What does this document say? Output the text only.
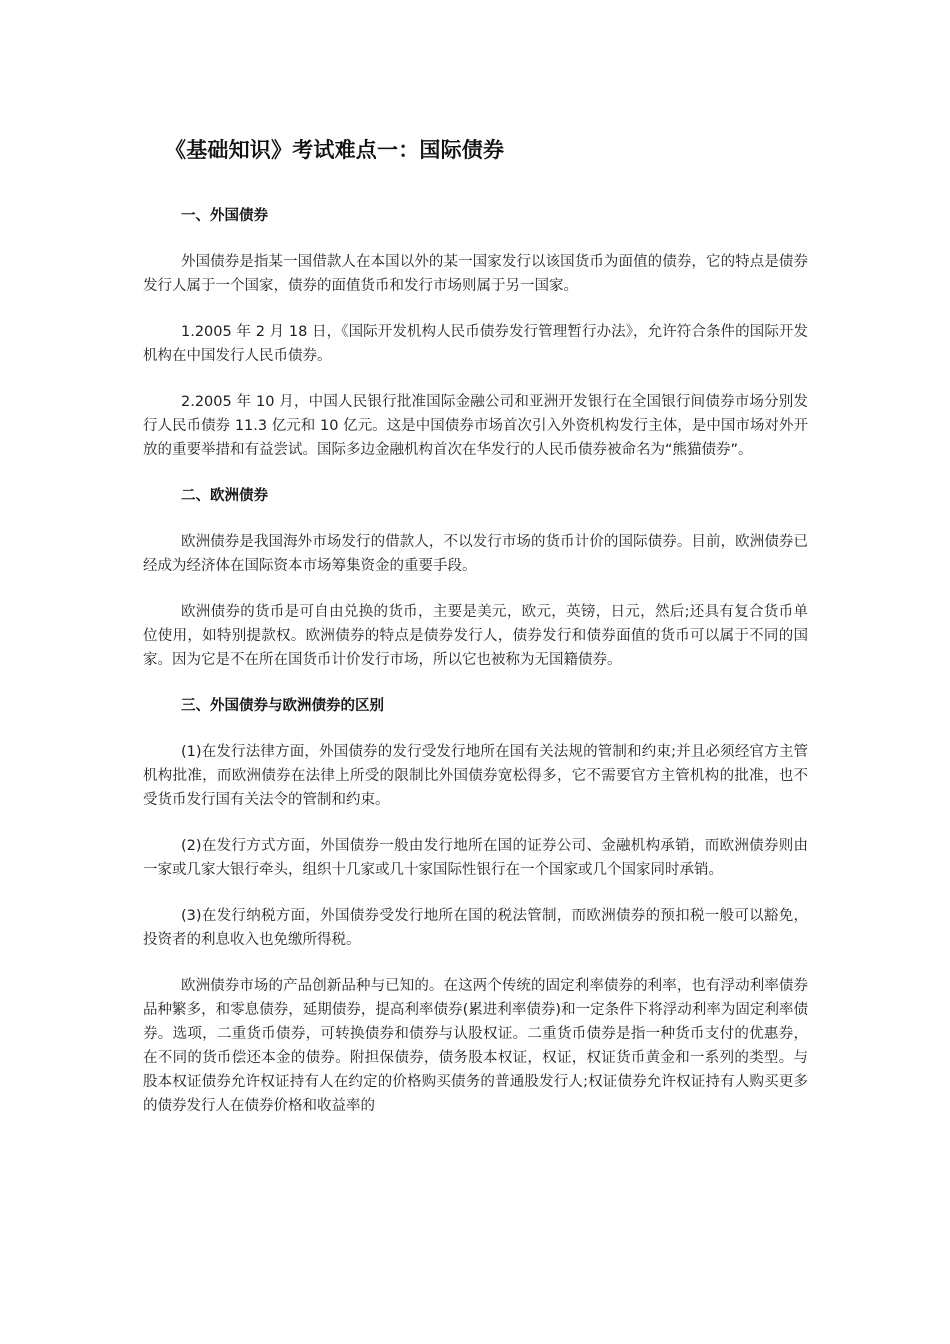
《基础知识》考试难点一：国际债券
一、外国债券

外国债券是指某一国借款人在本国以外的某一国家发行以该国货币为面值的债券，它的特点是债券发行人属于一个国家，债券的面值货币和发行市场则属于另一国家。

1.2005 年 2 月 18 日，《国际开发机构人民币债券发行管理暂行办法》，允许符合条件的国际开发机构在中国发行人民币债券。

2.2005 年 10 月，中国人民银行批准国际金融公司和亚洲开发银行在全国银行间债券市场分别发行人民币债券 11.3 亿元和 10 亿元。这是中国债券市场首次引入外资机构发行主体，是中国市场对外开放的重要举措和有益尝试。国际多边金融机构首次在华发行的人民币债券被命名为“熊猫债券”。

二、欧洲债券

欧洲债券是我国海外市场发行的借款人，不以发行市场的货币计价的国际债券。目前，欧洲债券已经成为经济体在国际资本市场筹集资金的重要手段。

欧洲债券的货币是可自由兑换的货币，主要是美元，欧元，英镑，日元，然后;还具有复合货币单位使用，如特别提款权。欧洲债券的特点是债券发行人，债券发行和债券面值的货币可以属于不同的国家。因为它是不在所在国货币计价发行市场，所以它也被称为无国籍债券。

三、外国债券与欧洲债券的区别

(1)在发行法律方面，外国债券的发行受发行地所在国有关法规的管制和约束;并且必须经官方主管机构批准，而欧洲债券在法律上所受的限制比外国债券宽松得多，它不需要官方主管机构的批准，也不受货币发行国有关法令的管制和约束。

(2)在发行方式方面，外国债券一般由发行地所在国的证券公司、金融机构承销，而欧洲债券则由一家或几家大银行牵头，组织十几家或几十家国际性银行在一个国家或几个国家同时承销。

(3)在发行纳税方面，外国债券受发行地所在国的税法管制，而欧洲债券的预扣税一般可以豁免，投资者的利息收入也免缴所得税。

欧洲债券市场的产品创新品种与已知的。在这两个传统的固定利率债券的利率，也有浮动利率债券品种繁多，和零息债券，延期债券，提高利率债券(累进利率债券)和一定条件下将浮动利率为固定利率债券。选项，二重货币债券，可转换债券和债券与认股权证。二重货币债券是指一种货币支付的优惠券，在不同的货币偿还本金的债券。附担保债券，债务股本权证，权证，权证货币黄金和一系列的类型。与股本权证债券允许权证持有人在约定的价格购买债务的普通股发行人;权证债券允许权证持有人购买更多的债券发行人在债券价格和收益率的
